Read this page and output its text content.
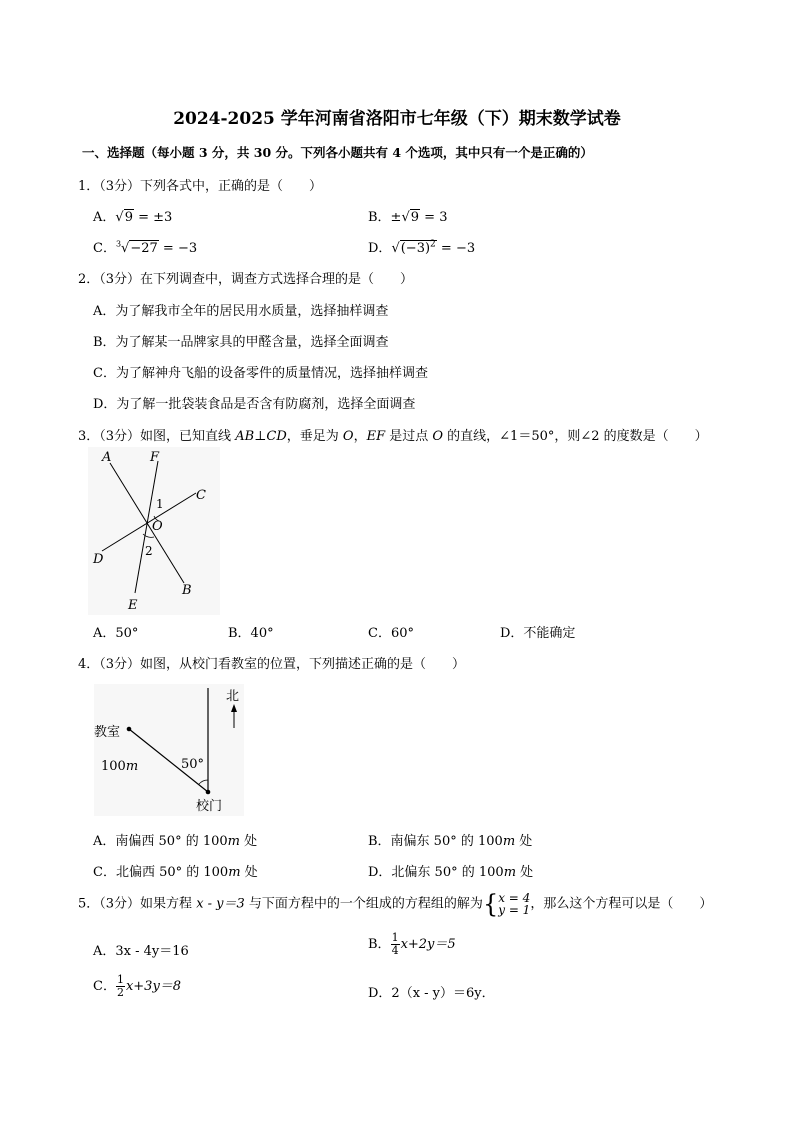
2024-2025 学年河南省洛阳市七年级（下）期末数学试卷
一、选择题（每小题 3 分，共 30 分。下列各小题共有 4 个选项，其中只有一个是正确的）
1．（3分）下列各式中，正确的是（　　）
A．√9 = ±3	B．±√9 = 3
C．$^3$√−27 = −3	D．$√(-3)^2 = -3$
2．（3分）在下列调查中，调查方式选择合理的是（　　）
A．为了解我市全年的居民用水质量，选择抽样调查
B．为了解某一品牌家具的甲醛含量，选择全面调查
C．为了解神舟飞船的设备零件的质量情况，选择抽样调查
D．为了解一批袋装食品是否含有防腐剂，选择全面调查
3．（3分）如图，已知直线 AB⊥CD，垂足为 O，EF 是过点 O 的直线，∠1＝50°，则∠2 的度数是（　　）
A	F
C
1
O
D
2
E
B
A．50°	B．40°	C．60°	D．不能确定
4．（3分）如图，从校门看教室的位置，下列描述正确的是（　　）
北
教室
100m	50°
校门
A．南偏西 50° 的 100m 处	B．南偏东 50° 的 100m 处
C．北偏西 50° 的 100m 处	D．北偏东 50° 的 100m 处
5．（3分）如果方程 x - y＝3 与下面方程中的一个组成的方程组的解为{ x = 4
y = 1 ，那么这个方程可以是（　　）
A．3x - 4y＝16	B． $\frac{1}{4} x+2y=5$
C． $\frac{1}{2} x+3y=8$	D．2（x - y）＝6y．
